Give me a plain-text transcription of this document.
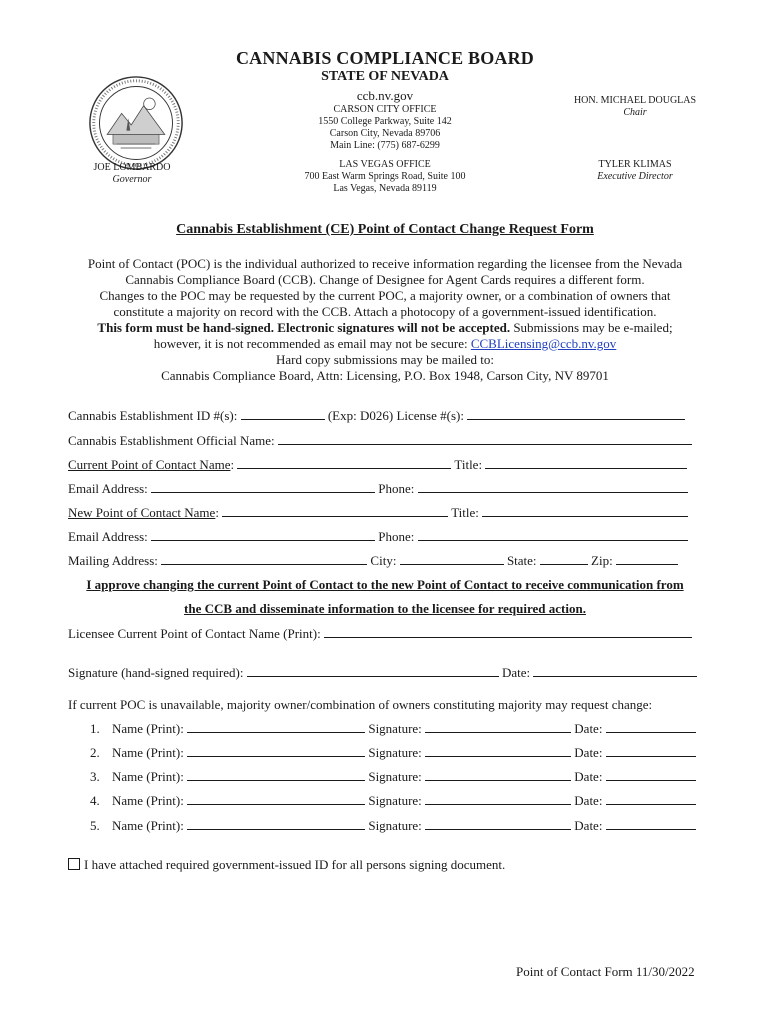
CANNABIS COMPLIANCE BOARD
STATE OF NEVADA
ccb.nv.gov
CARSON CITY OFFICE
1550 College Parkway, Suite 142
Carson City, Nevada 89706
Main Line: (775) 687-6299
LAS VEGAS OFFICE
700 East Warm Springs Road, Suite 100
Las Vegas, Nevada 89119
JOE LOMBARDO
Governor
HON. MICHAEL DOUGLAS
Chair
TYLER KLIMAS
Executive Director
Cannabis Establishment (CE) Point of Contact Change Request Form
Point of Contact (POC) is the individual authorized to receive information regarding the licensee from the Nevada
Cannabis Compliance Board (CCB). Change of Designee for Agent Cards requires a different form.
Changes to the POC may be requested by the current POC, a majority owner, or a combination of owners that
constitute a majority on record with the CCB. Attach a photocopy of a government-issued identification.
This form must be hand-signed. Electronic signatures will not be accepted. Submissions may be e-mailed;
however, it is not recommended as email may not be secure: CCBLicensing@ccb.nv.gov
Hard copy submissions may be mailed to:
Cannabis Compliance Board, Attn: Licensing, P.O. Box 1948, Carson City, NV 89701
Cannabis Establishment ID #(s):	(Exp: D026) License #(s):
Cannabis Establishment Official Name:
Current Point of Contact Name:	Title:
Email Address:	Phone:
New Point of Contact Name:	Title:
Email Address:	Phone:
Mailing Address:	City:	State:	Zip:
I approve changing the current Point of Contact to the new Point of Contact to receive communication from
the CCB and disseminate information to the licensee for required action.
Licensee Current Point of Contact Name (Print):
Signature (hand-signed required):	Date:
If current POC is unavailable, majority owner/combination of owners constituting majority may request change:
1. Name (Print):	Signature:	Date:
2. Name (Print):	Signature:	Date:
3. Name (Print):	Signature:	Date:
4. Name (Print):	Signature:	Date:
5. Name (Print):	Signature:	Date:
I have attached required government-issued ID for all persons signing document.
Point of Contact Form 11/30/2022
